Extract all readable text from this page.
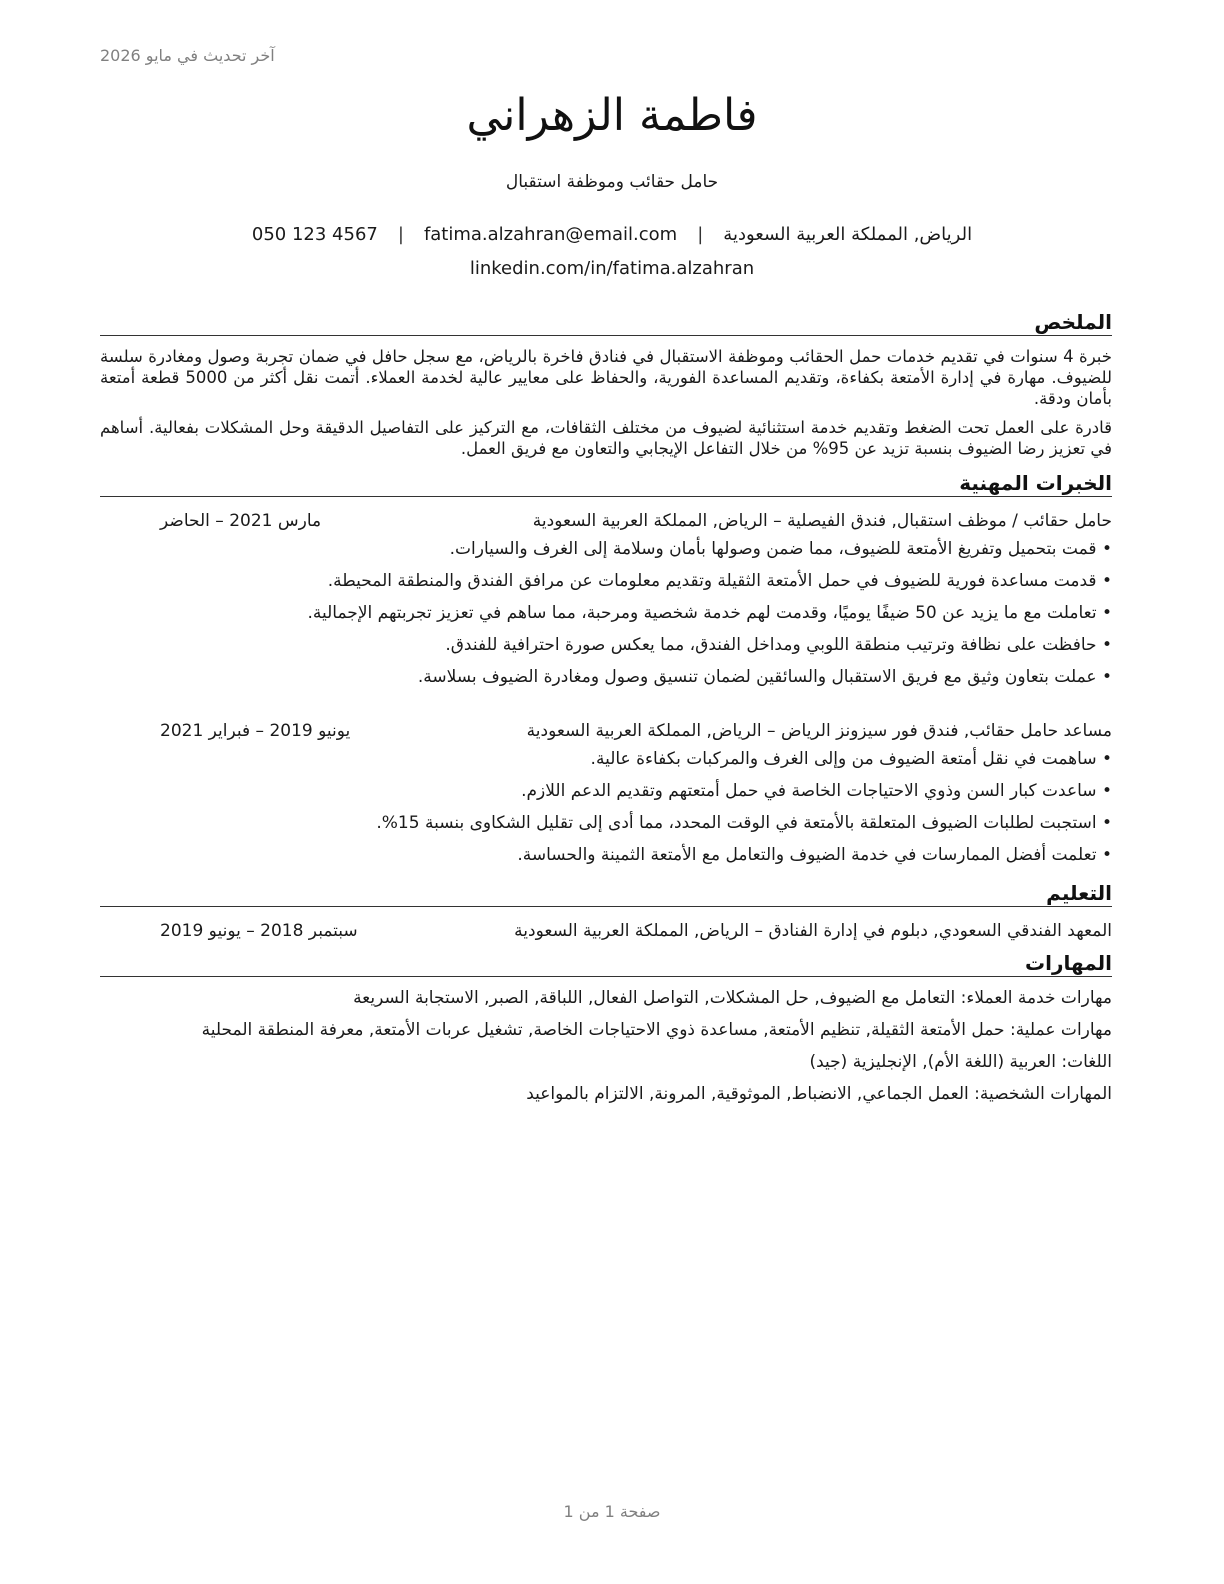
آخر تحديث في مايو 2026
فاطمة الزهراني
حامل حقائب وموظفة استقبال
الرياض, المملكة العربية السعودية
|
fatima.alzahran@email.com
|
050 123 4567
linkedin.com/in/fatima.alzahran
الملخص

خبرة 4 سنوات في تقديم خدمات حمل الحقائب وموظفة الاستقبال في فنادق فاخرة بالرياض، مع سجل حافل في ضمان تجربة وصول ومغادرة سلسة للضيوف. مهارة في إدارة الأمتعة بكفاءة، وتقديم المساعدة الفورية، والحفاظ على معايير عالية لخدمة العملاء. أتمت نقل أكثر من 5000 قطعة أمتعة بأمان ودقة.

قادرة على العمل تحت الضغط وتقديم خدمة استثنائية لضيوف من مختلف الثقافات، مع التركيز على التفاصيل الدقيقة وحل المشكلات بفعالية. أساهم في تعزيز رضا الضيوف بنسبة تزيد عن 95% من خلال التفاعل الإيجابي والتعاون مع فريق العمل.

الخبرات المهنية
حامل حقائب / موظف استقبال, فندق الفيصلية – الرياض, المملكة العربية السعودية
مارس 2021 – الحاضر
• قمت بتحميل وتفريغ الأمتعة للضيوف، مما ضمن وصولها بأمان وسلامة إلى الغرف والسيارات.
• قدمت مساعدة فورية للضيوف في حمل الأمتعة الثقيلة وتقديم معلومات عن مرافق الفندق والمنطقة المحيطة.
• تعاملت مع ما يزيد عن 50 ضيفًا يوميًا، وقدمت لهم خدمة شخصية ومرحبة، مما ساهم في تعزيز تجربتهم الإجمالية.
• حافظت على نظافة وترتيب منطقة اللوبي ومداخل الفندق، مما يعكس صورة احترافية للفندق.
• عملت بتعاون وثيق مع فريق الاستقبال والسائقين لضمان تنسيق وصول ومغادرة الضيوف بسلاسة.
مساعد حامل حقائب, فندق فور سيزونز الرياض – الرياض, المملكة العربية السعودية
يونيو 2019 – فبراير 2021
• ساهمت في نقل أمتعة الضيوف من وإلى الغرف والمركبات بكفاءة عالية.
• ساعدت كبار السن وذوي الاحتياجات الخاصة في حمل أمتعتهم وتقديم الدعم اللازم.
• استجبت لطلبات الضيوف المتعلقة بالأمتعة في الوقت المحدد، مما أدى إلى تقليل الشكاوى بنسبة 15%.
• تعلمت أفضل الممارسات في خدمة الضيوف والتعامل مع الأمتعة الثمينة والحساسة.
التعليم
المعهد الفندقي السعودي, دبلوم في إدارة الفنادق – الرياض, المملكة العربية السعودية
سبتمبر 2018 – يونيو 2019
المهارات
مهارات خدمة العملاء: التعامل مع الضيوف, حل المشكلات, التواصل الفعال, اللباقة, الصبر, الاستجابة السريعة
مهارات عملية: حمل الأمتعة الثقيلة, تنظيم الأمتعة, مساعدة ذوي الاحتياجات الخاصة, تشغيل عربات الأمتعة, معرفة المنطقة المحلية
اللغات: العربية (اللغة الأم), الإنجليزية (جيد)
المهارات الشخصية: العمل الجماعي, الانضباط, الموثوقية, المرونة, الالتزام بالمواعيد
صفحة 1 من 1
